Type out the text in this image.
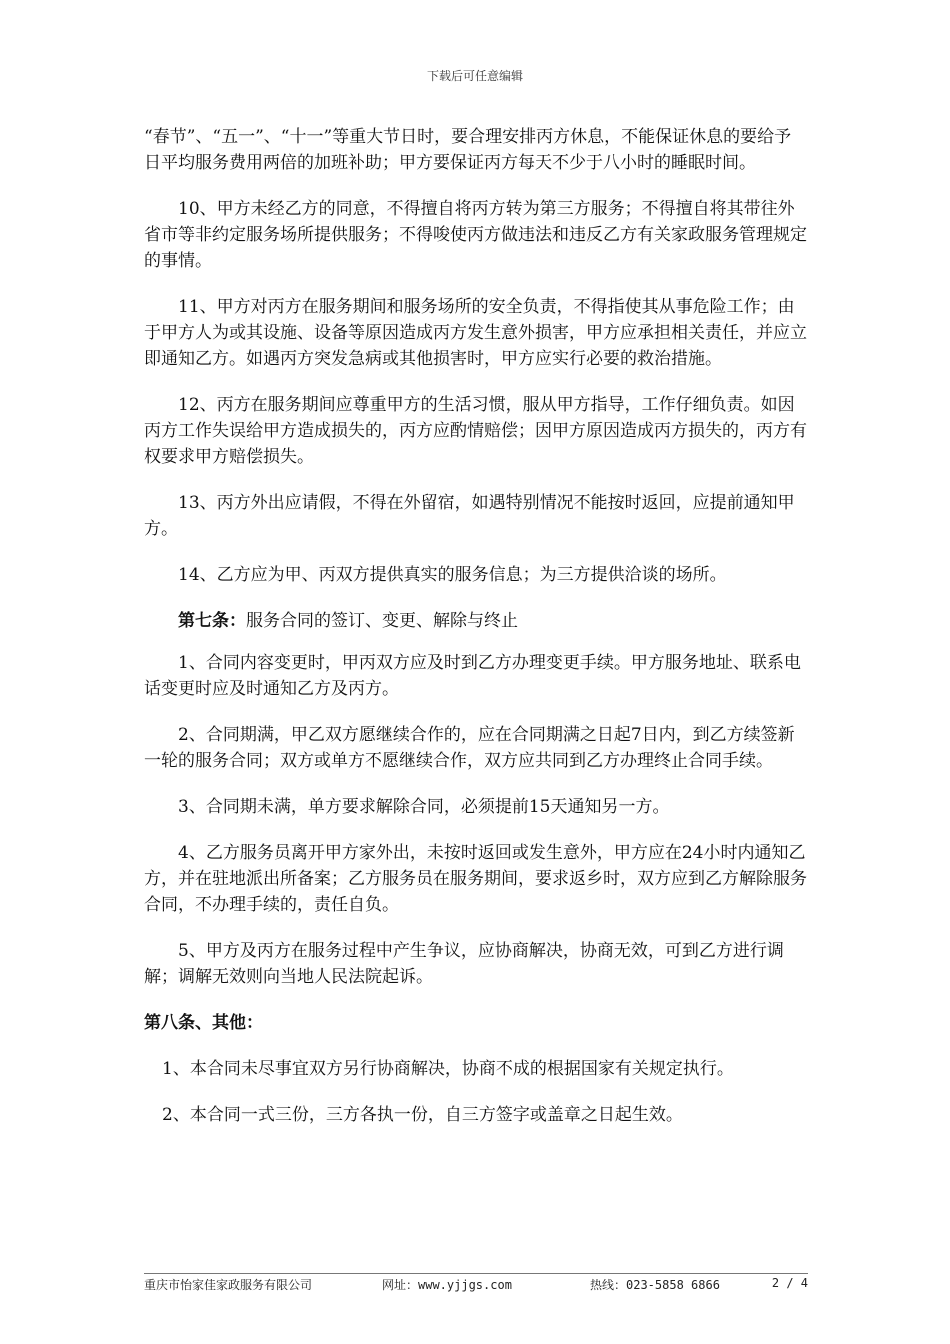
下载后可任意编辑

“春节”、“五一”、“十一”等重大节日时，要合理安排丙方休息，不能保证休息的要给予日平均服务费用两倍的加班补助；甲方要保证丙方每天不少于八小时的睡眠时间。

10、甲方未经乙方的同意，不得擅自将丙方转为第三方服务；不得擅自将其带往外省市等非约定服务场所提供服务；不得唆使丙方做违法和违反乙方有关家政服务管理规定的事情。

11、甲方对丙方在服务期间和服务场所的安全负责，不得指使其从事危险工作；由于甲方人为或其设施、设备等原因造成丙方发生意外损害，甲方应承担相关责任，并应立即通知乙方。如遇丙方突发急病或其他损害时，甲方应实行必要的救治措施。

12、丙方在服务期间应尊重甲方的生活习惯，服从甲方指导，工作仔细负责。如因丙方工作失误给甲方造成损失的，丙方应酌情赔偿；因甲方原因造成丙方损失的，丙方有权要求甲方赔偿损失。

13、丙方外出应请假，不得在外留宿，如遇特别情况不能按时返回，应提前通知甲方。

14、乙方应为甲、丙双方提供真实的服务信息；为三方提供洽谈的场所。

第七条：服务合同的签订、变更、解除与终止

1、合同内容变更时，甲丙双方应及时到乙方办理变更手续。甲方服务地址、联系电话变更时应及时通知乙方及丙方。

2、合同期满，甲乙双方愿继续合作的，应在合同期满之日起7日内，到乙方续签新一轮的服务合同；双方或单方不愿继续合作，双方应共同到乙方办理终止合同手续。

3、合同期未满，单方要求解除合同，必须提前15天通知另一方。

4、乙方服务员离开甲方家外出，未按时返回或发生意外，甲方应在24小时内通知乙方，并在驻地派出所备案；乙方服务员在服务期间，要求返乡时，双方应到乙方解除服务合同，不办理手续的，责任自负。

5、甲方及丙方在服务过程中产生争议，应协商解决，协商无效，可到乙方进行调解；调解无效则向当地人民法院起诉。

第八条、其他：

1、本合同未尽事宜双方另行协商解决，协商不成的根据国家有关规定执行。

2、本合同一式三份，三方各执一份，自三方签字或盖章之日起生效。

重庆市怡家佳家政服务有限公司	网址：www.yjjgs.com	热线：023-5858 6866	2 / 4
